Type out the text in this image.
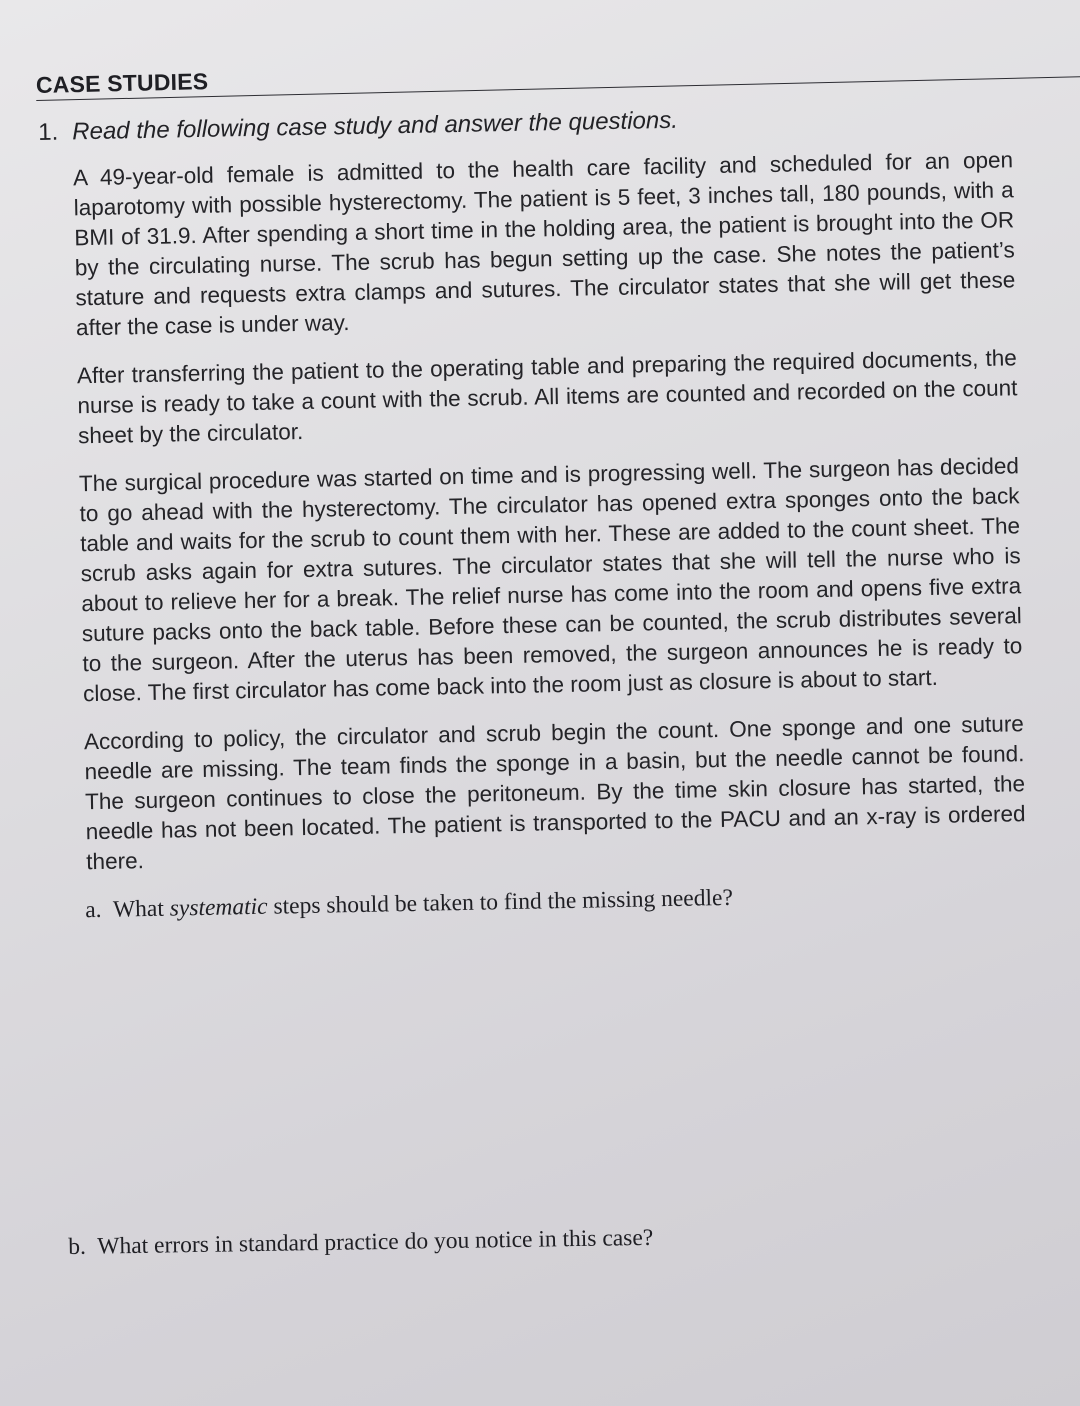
CASE STUDIES
1. Read the following case study and answer the questions.

A 49-year-old female is admitted to the health care facility and scheduled for an open laparotomy with possible hysterectomy. The patient is 5 feet, 3 inches tall, 180 pounds, with a BMI of 31.9. After spending a short time in the holding area, the patient is brought into the OR by the circulating nurse. The scrub has begun setting up the case. She notes the patient’s stature and requests extra clamps and sutures. The circulator states that she will get these after the case is under way.

After transferring the patient to the operating table and preparing the required documents, the nurse is ready to take a count with the scrub. All items are counted and recorded on the count sheet by the circulator.

The surgical procedure was started on time and is progressing well. The surgeon has decided to go ahead with the hysterectomy. The circulator has opened extra sponges onto the back table and waits for the scrub to count them with her. These are added to the count sheet. The scrub asks again for extra sutures. The circulator states that she will tell the nurse who is about to relieve her for a break. The relief nurse has come into the room and opens five extra suture packs onto the back table. Before these can be counted, the scrub distributes several to the surgeon. After the uterus has been removed, the surgeon announces he is ready to close. The first circulator has come back into the room just as closure is about to start.

According to policy, the circulator and scrub begin the count. One sponge and one suture needle are missing. The team finds the sponge in a basin, but the needle cannot be found. The surgeon continues to close the peritoneum. By the time skin closure has started, the needle has not been located. The patient is transported to the PACU and an x-ray is ordered there.

a. What systematic steps should be taken to find the missing needle?
b. What errors in standard practice do you notice in this case?
